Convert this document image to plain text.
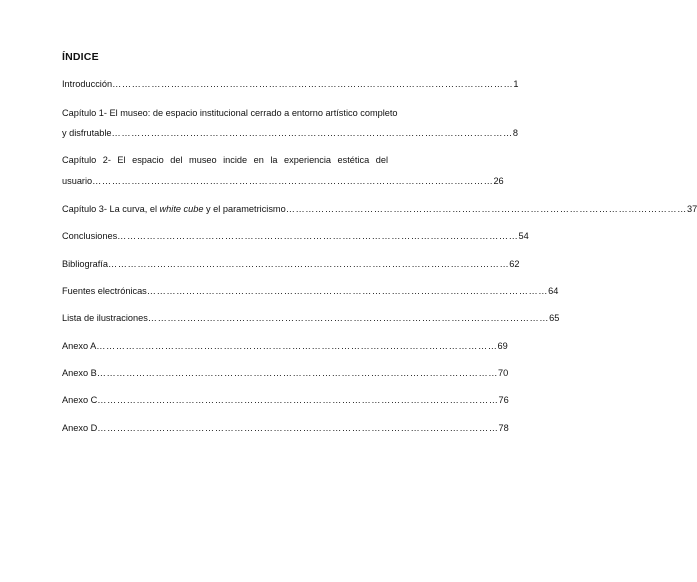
ÍNDICE
Introducción …………………………………………………………………………………………………………… 1
Capítulo 1- El museo: de espacio institucional cerrado a entorno artístico completo
y disfrutable …………………………………………………………………………………………………………… 8
Capítulo 2- El espacio del museo incide en la experiencia estética del
usuario …………………………………………………………………………………………………………… 26
Capítulo 3- La curva, el white cube y el parametricismo …………………………………………………………………………………………………………… 37
Conclusiones …………………………………………………………………………………………………………… 54
Bibliografía …………………………………………………………………………………………………………… 62
Fuentes electrónicas …………………………………………………………………………………………………………… 64
Lista de ilustraciones …………………………………………………………………………………………………………… 65
Anexo A …………………………………………………………………………………………………………… 69
Anexo B …………………………………………………………………………………………………………… 70
Anexo C …………………………………………………………………………………………………………… 76
Anexo D …………………………………………………………………………………………………………… 78
